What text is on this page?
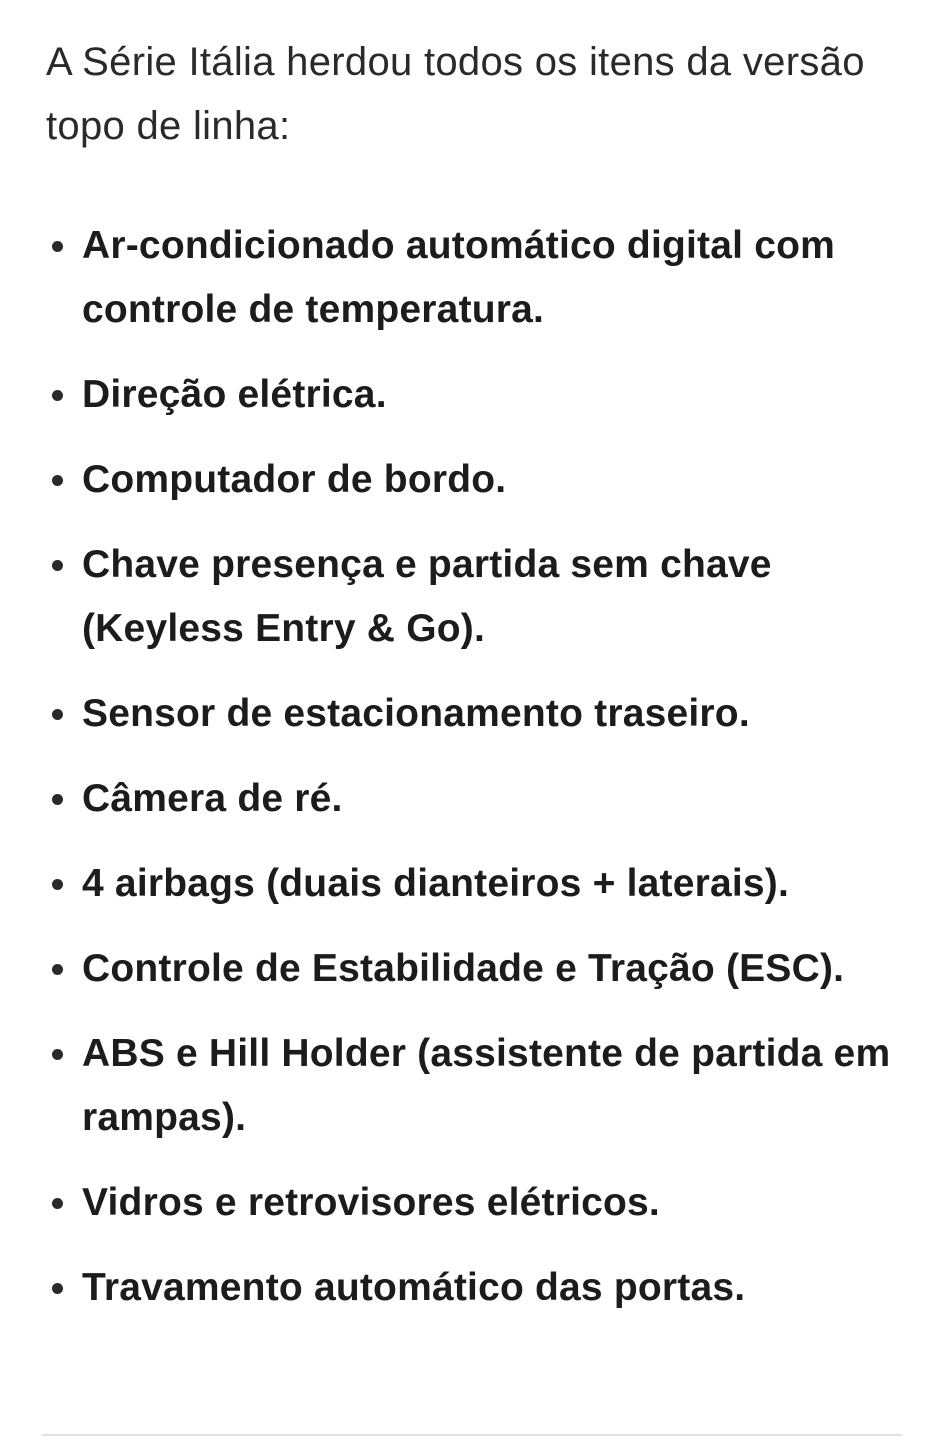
A Série Itália herdou todos os itens da versão topo de linha:

Ar-condicionado automático digital com controle de temperatura.
Direção elétrica.
Computador de bordo.
Chave presença e partida sem chave (Keyless Entry & Go).
Sensor de estacionamento traseiro.
Câmera de ré.
4 airbags (duais dianteiros + laterais).
Controle de Estabilidade e Tração (ESC).
ABS e Hill Holder (assistente de partida em rampas).
Vidros e retrovisores elétricos.
Travamento automático das portas.
